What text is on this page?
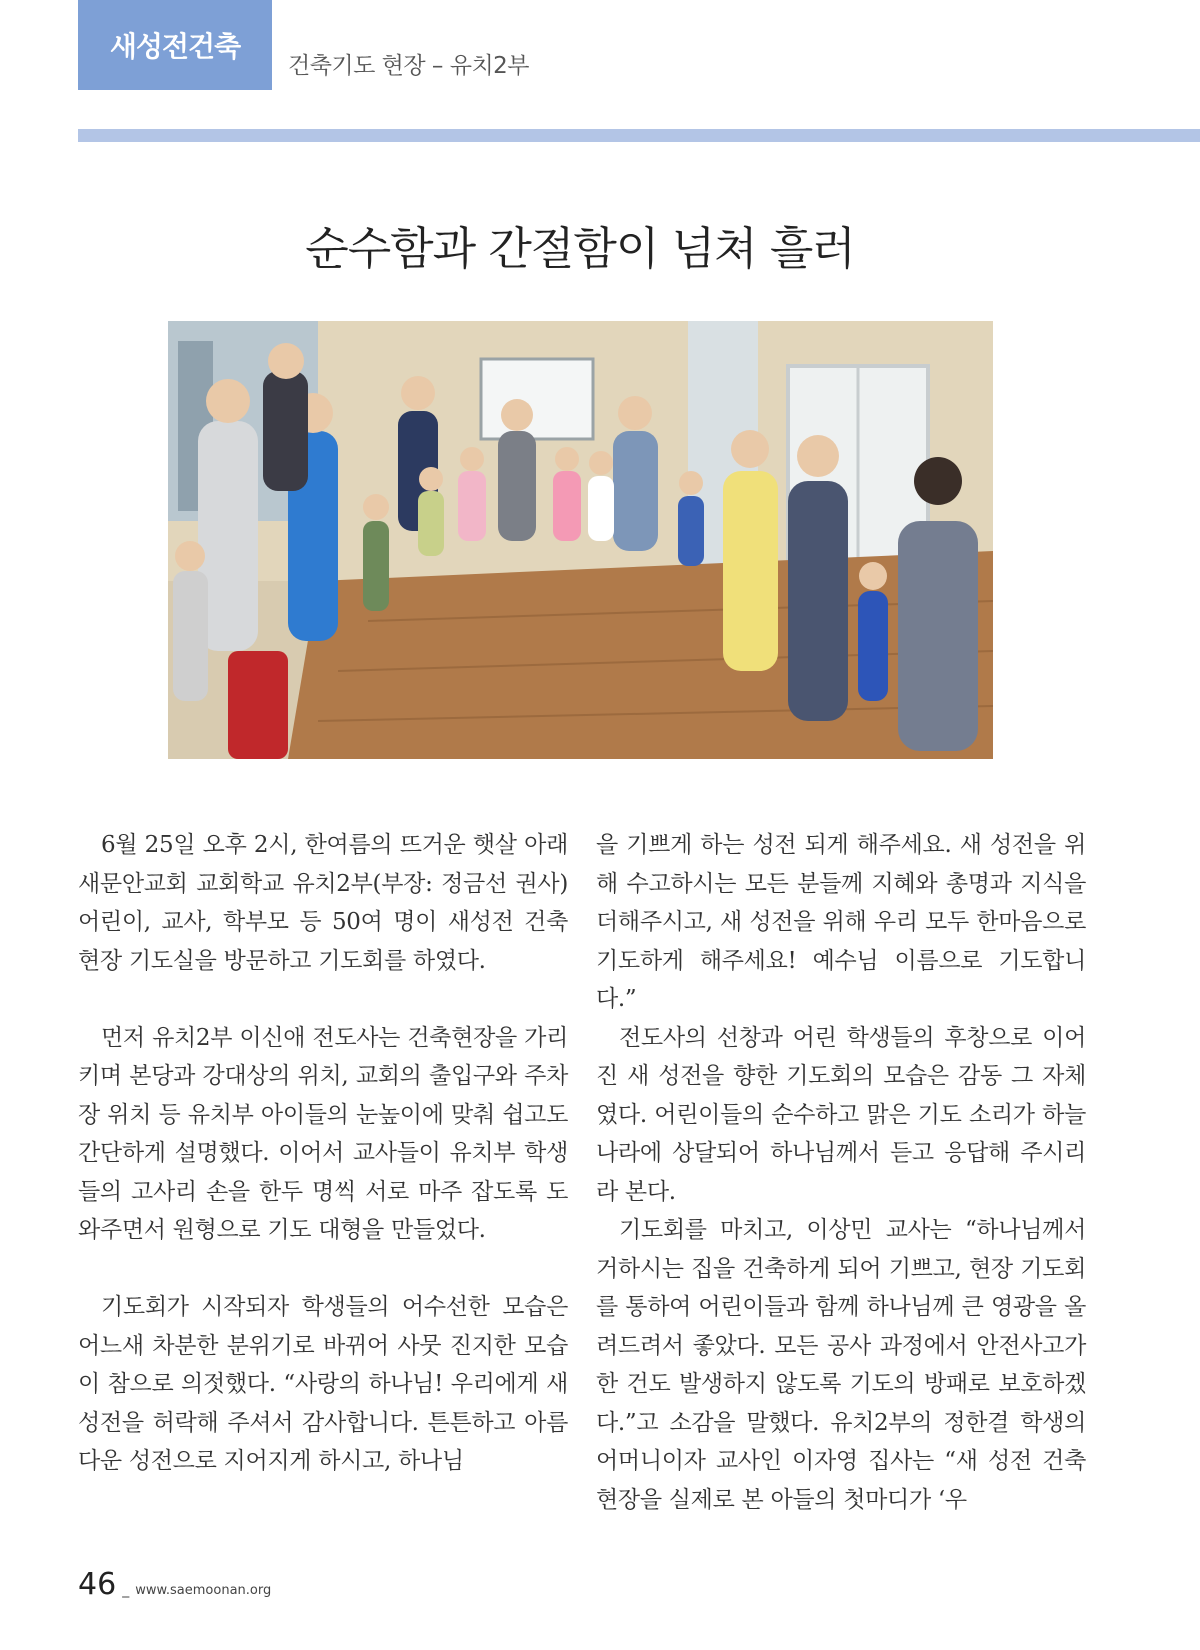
새성전건축
건축기도 현장 – 유치2부
순수함과 간절함이 넘쳐 흘러

6월 25일 오후 2시, 한여름의 뜨거운 햇살 아래 새문안교회 교회학교 유치2부(부장: 정금선 권사) 어린이, 교사, 학부모 등 50여 명이 새성전 건축 현장 기도실을 방문하고 기도회를 하였다.

먼저 유치2부 이신애 전도사는 건축현장을 가리키며 본당과 강대상의 위치, 교회의 출입구와 주차장 위치 등 유치부 아이들의 눈높이에 맞춰 쉽고도 간단하게 설명했다. 이어서 교사들이 유치부 학생들의 고사리 손을 한두 명씩 서로 마주 잡도록 도와주면서 원형으로 기도 대형을 만들었다.

기도회가 시작되자 학생들의 어수선한 모습은 어느새 차분한 분위기로 바뀌어 사뭇 진지한 모습이 참으로 의젓했다. “사랑의 하나님! 우리에게 새 성전을 허락해 주셔서 감사합니다. 튼튼하고 아름다운 성전으로 지어지게 하시고, 하나님

을 기쁘게 하는 성전 되게 해주세요. 새 성전을 위해 수고하시는 모든 분들께 지혜와 총명과 지식을 더해주시고, 새 성전을 위해 우리 모두 한마음으로 기도하게 해주세요! 예수님 이름으로 기도합니다.”

전도사의 선창과 어린 학생들의 후창으로 이어진 새 성전을 향한 기도회의 모습은 감동 그 자체였다. 어린이들의 순수하고 맑은 기도 소리가 하늘나라에 상달되어 하나님께서 듣고 응답해 주시리라 본다.

기도회를 마치고, 이상민 교사는 “하나님께서 거하시는 집을 건축하게 되어 기쁘고, 현장 기도회를 통하여 어린이들과 함께 하나님께 큰 영광을 올려드려서 좋았다. 모든 공사 과정에서 안전사고가 한 건도 발생하지 않도록 기도의 방패로 보호하겠다.”고 소감을 말했다. 유치2부의 정한결 학생의 어머니이자 교사인 이자영 집사는 “새 성전 건축현장을 실제로 본 아들의 첫마디가 ‘우

46 _ www.saemoonan.org
